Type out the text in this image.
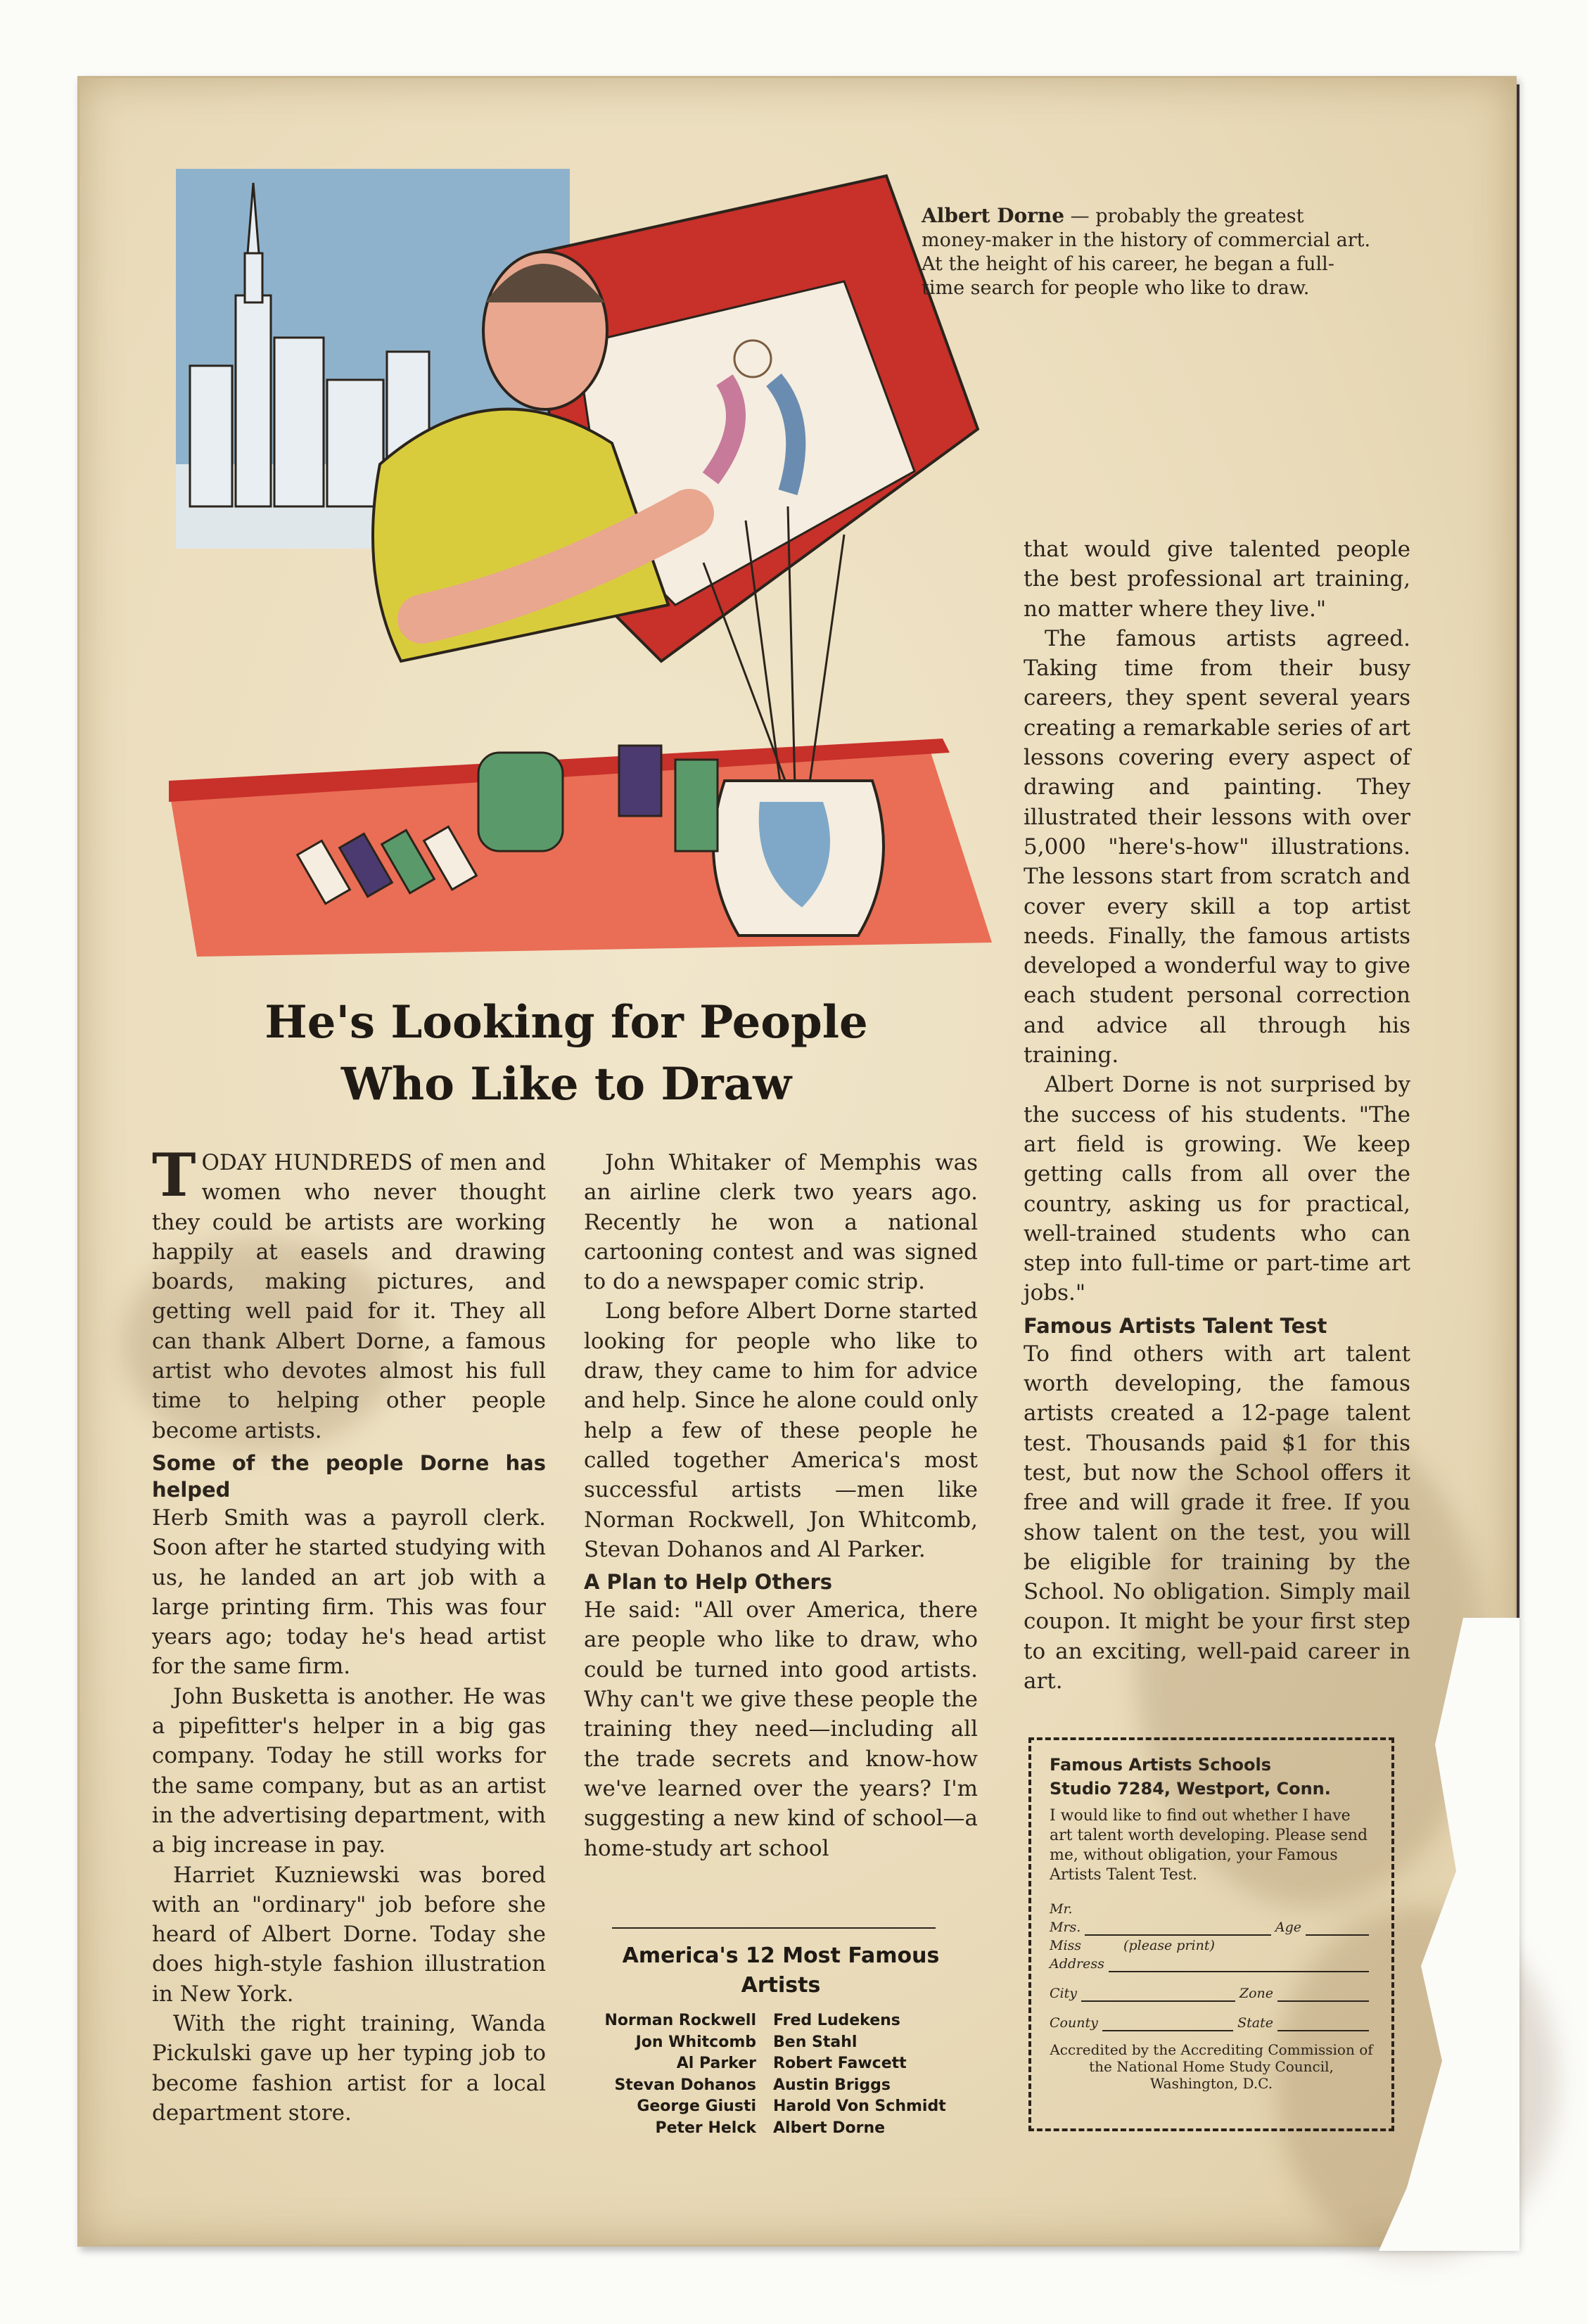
Albert Dorne — probably the greatest money-maker in the history of commercial art. At the height of his career, he began a full-time search for people who like to draw.
He's Looking for People
Who Like to Draw

TODAY HUNDREDS of men and women who never thought they could be artists are working happily at easels and drawing boards, making pictures, and getting well paid for it. They all can thank Albert Dorne, a famous artist who devotes almost his full time to helping other people become artists.

Some of the people Dorne has helped

Herb Smith was a payroll clerk. Soon after he started studying with us, he landed an art job with a large printing firm. This was four years ago; today he's head artist for the same firm.

John Busketta is another. He was a pipefitter's helper in a big gas company. Today he still works for the same company, but as an artist in the advertising department, with a big increase in pay.

Harriet Kuzniewski was bored with an "ordinary" job before she heard of Albert Dorne. Today she does high-style fashion illustration in New York.

With the right training, Wanda Pickulski gave up her typing job to become fashion artist for a local department store.

John Whitaker of Memphis was an airline clerk two years ago. Recently he won a national cartooning contest and was signed to do a newspaper comic strip.

Long before Albert Dorne started looking for people who like to draw, they came to him for advice and help. Since he alone could only help a few of these people he called together America's most successful artists —men like Norman Rockwell, Jon Whitcomb, Stevan Dohanos and Al Parker.

A Plan to Help Others

He said: "All over America, there are people who like to draw, who could be turned into good artists. Why can't we give these people the training they need—including all the trade secrets and know-how we've learned over the years? I'm suggesting a new kind of school—a home-study art school

America's 12 Most Famous Artists
Norman Rockwell	Fred Ludekens
Jon Whitcomb	Ben Stahl
Al Parker	Robert Fawcett
Stevan Dohanos	Austin Briggs
George Giusti	Harold Von Schmidt
Peter Helck	Albert Dorne

that would give talented people the best professional art training, no matter where they live."

The famous artists agreed. Taking time from their busy careers, they spent several years creating a remarkable series of art lessons covering every aspect of drawing and painting. They illustrated their lessons with over 5,000 "here's-how" illustrations. The lessons start from scratch and cover every skill a top artist needs. Finally, the famous artists developed a wonderful way to give each student personal correction and advice all through his training.

Albert Dorne is not surprised by the success of his students. "The art field is growing. We keep getting calls from all over the country, asking us for practical, well-trained students who can step into full-time or part-time art jobs."

Famous Artists Talent Test

To find others with art talent worth developing, the famous artists created a 12-page talent test. Thousands paid $1 for this test, but now the School offers it free and will grade it free. If you show talent on the test, you will be eligible for training by the School. No obligation. Simply mail coupon. It might be your first step to an exciting, well-paid career in art.

Famous Artists Schools
Studio 7284, Westport, Conn.
I would like to find out whether I have art talent worth developing. Please send me, without obligation, your Famous Artists Talent Test.
Mr.
Mrs.	Age
Miss	(please print)
Address
City	Zone
County	State
Accredited by the Accrediting Commission of the National Home Study Council, Washington, D.C.
